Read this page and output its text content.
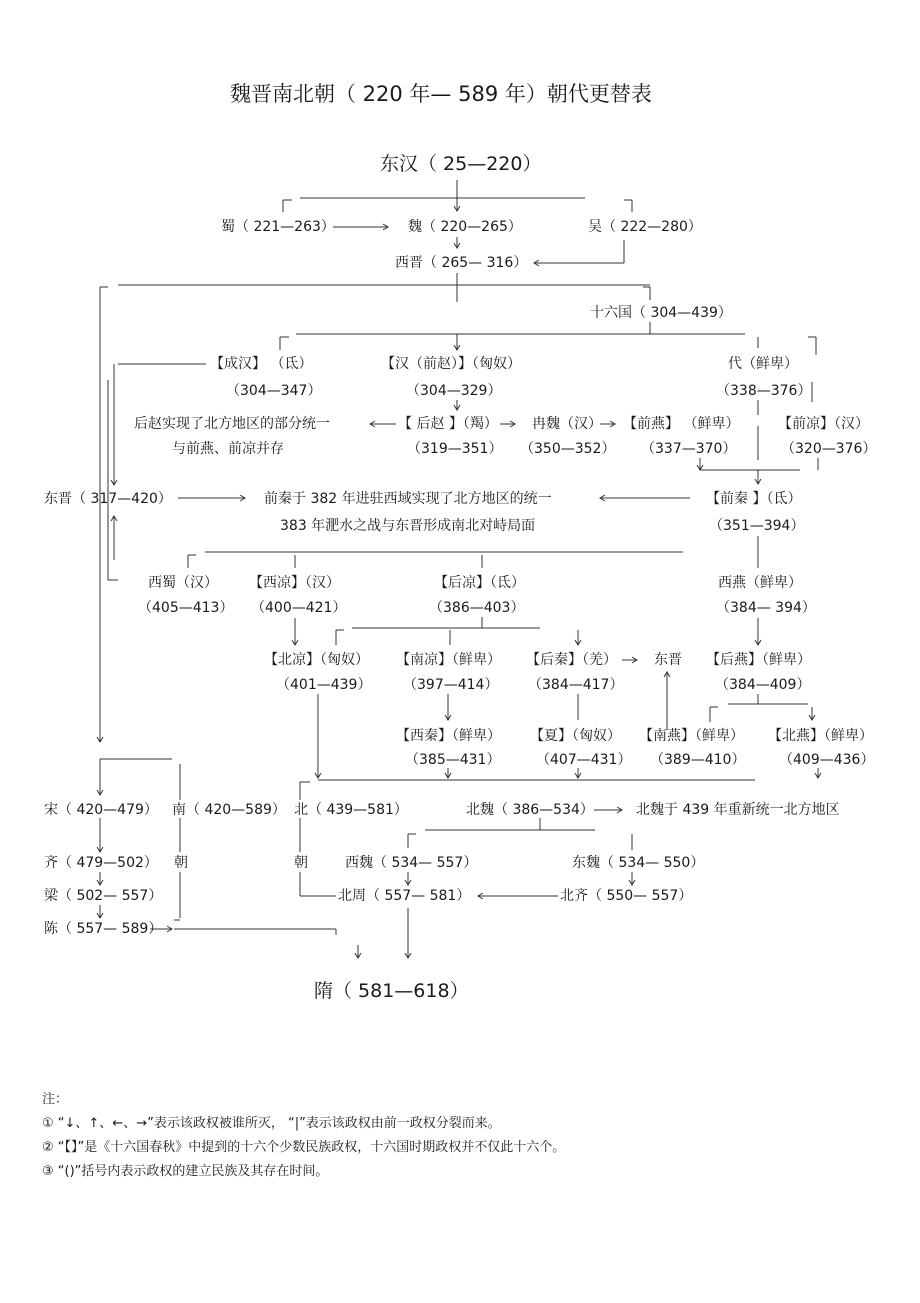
魏晋南北朝（ 220 年— 589 年）朝代更替表
东汉（ 25—220）
蜀（ 221—263）	魏（ 220—265）	吴（ 222—280）
西晋（ 265— 316）
十六国（ 304—439）
【成汉】 （氐）
（304—347）
【汉（前赵）】（匈奴）
（304—329）
代（鲜卑）
（338—376）
后赵实现了北方地区的部分统一
与前燕、前凉并存
【 后赵 】（羯）
（319—351）
冉魏（汉）
（350—352）
【前燕】 （鲜卑）
（337—370）
【前凉】（汉）
（320—376）
东晋（ 317—420）	前秦于 382 年进驻西域实现了北方地区的统一
383 年淝水之战与东晋形成南北对峙局面
【前秦 】（氐）
（351—394）
西蜀（汉）
（405—413）
【西凉】（汉）
（400—421）
【后凉】（氐）
（386—403）
西燕（鲜卑）
（384— 394）
【北凉】（匈奴）
（401—439）
【南凉】（鲜卑）
（397—414）
【后秦】（羌）
（384—417）
东晋 【后燕】（鲜卑）
（384—409）
【西秦】（鲜卑）
（385—431）
【夏】（匈奴）
（407—431）
【南燕】（鲜卑）
（389—410）
【北燕】（鲜卑）
（409—436）
宋（ 420—479） 南（ 420—589） 北（ 439—581）	北魏（ 386—534）	北魏于 439 年重新统一北方地区
齐（ 479—502） 朝	朝	西魏（ 534— 557）	东魏（ 534— 550）
梁（ 502— 557）	北周（ 557— 581）	北齐（ 550— 557）
陈（ 557— 589）
隋（ 581—618）
注：
① “↓、↑、←、→”表示该政权被谁所灭， “|”表示该政权由前一政权分裂而来。
② “【】”是《十六国春秋》中提到的十六个少数民族政权，十六国时期政权并不仅此十六个。
③ “()”括号内表示政权的建立民族及其存在时间。
